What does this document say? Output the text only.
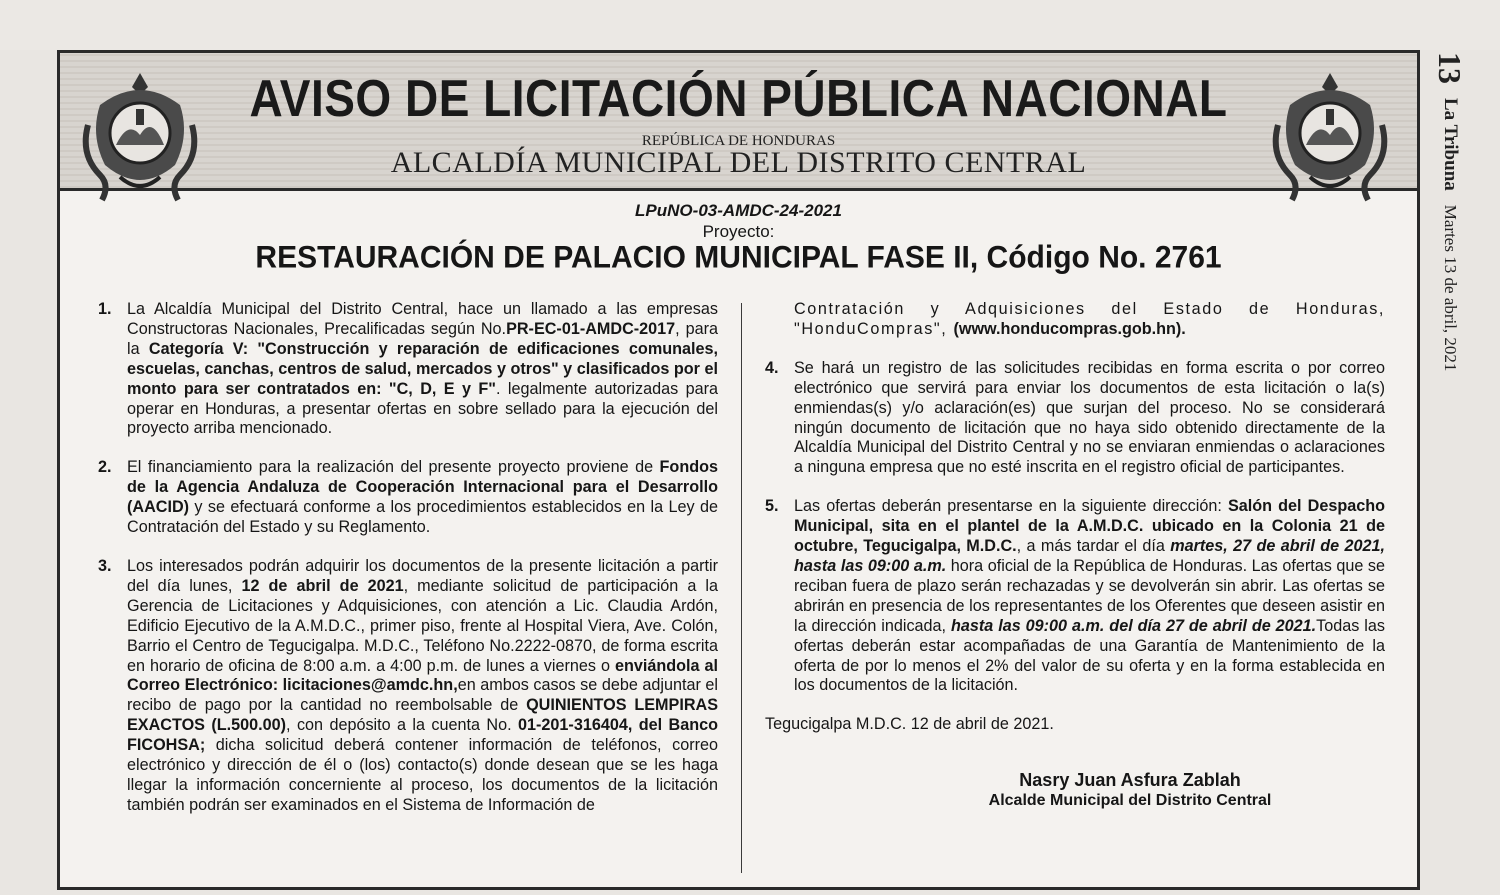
13
La Tribuna
Martes 13 de abril, 2021
AVISO DE LICITACIÓN PÚBLICA NACIONAL
REPÚBLICA DE HONDURAS
ALCALDÍA MUNICIPAL DEL DISTRITO CENTRAL
LPuNO-03-AMDC-24-2021
Proyecto:
RESTAURACIÓN DE PALACIO MUNICIPAL FASE II, Código No. 2761
1. La Alcaldía Municipal del Distrito Central, hace un llamado a las empresas Constructoras Nacionales, Precalificadas según No.PR-EC-01-AMDC-2017, para la Categoría V: "Construcción y reparación de edificaciones comunales, escuelas, canchas, centros de salud, mercados y otros" y clasificados por el monto para ser contratados en: "C, D, E y F". legalmente autorizadas para operar en Honduras, a presentar ofertas en sobre sellado para la ejecución del proyecto arriba mencionado.
2. El financiamiento para la realización del presente proyecto proviene de Fondos de la Agencia Andaluza de Cooperación Internacional para el Desarrollo (AACID) y se efectuará conforme a los procedimientos establecidos en la Ley de Contratación del Estado y su Reglamento.
3. Los interesados podrán adquirir los documentos de la presente licitación a partir del día lunes, 12 de abril de 2021, mediante solicitud de participación a la Gerencia de Licitaciones y Adquisiciones, con atención a Lic. Claudia Ardón, Edificio Ejecutivo de la A.M.D.C., primer piso, frente al Hospital Viera, Ave. Colón, Barrio el Centro de Tegucigalpa. M.D.C., Teléfono No.2222-0870, de forma escrita en horario de oficina de 8:00 a.m. a 4:00 p.m. de lunes a viernes o enviándola al Correo Electrónico: licitaciones@amdc.hn,en ambos casos se debe adjuntar el recibo de pago por la cantidad no reembolsable de QUINIENTOS LEMPIRAS EXACTOS (L.500.00), con depósito a la cuenta No. 01-201-316404, del Banco FICOHSA; dicha solicitud deberá contener información de teléfonos, correo electrónico y dirección de él o (los) contacto(s) donde desean que se les haga llegar la información concerniente al proceso, los documentos de la licitación también podrán ser examinados en el Sistema de Información de
Contratación y Adquisiciones del Estado de Honduras, "HonduCompras", (www.honducompras.gob.hn).
4. Se hará un registro de las solicitudes recibidas en forma escrita o por correo electrónico que servirá para enviar los documentos de esta licitación o la(s) enmiendas(s) y/o aclaración(es) que surjan del proceso. No se considerará ningún documento de licitación que no haya sido obtenido directamente de la Alcaldía Municipal del Distrito Central y no se enviaran enmiendas o aclaraciones a ninguna empresa que no esté inscrita en el registro oficial de participantes.
5. Las ofertas deberán presentarse en la siguiente dirección: Salón del Despacho Municipal, sita en el plantel de la A.M.D.C. ubicado en la Colonia 21 de octubre, Tegucigalpa, M.D.C., a más tardar el día martes, 27 de abril de 2021, hasta las 09:00 a.m. hora oficial de la República de Honduras. Las ofertas que se reciban fuera de plazo serán rechazadas y se devolverán sin abrir. Las ofertas se abrirán en presencia de los representantes de los Oferentes que deseen asistir en la dirección indicada, hasta las 09:00 a.m. del día 27 de abril de 2021.Todas las ofertas deberán estar acompañadas de una Garantía de Mantenimiento de la oferta de por lo menos el 2% del valor de su oferta y en la forma establecida en los documentos de la licitación.
Tegucigalpa M.D.C. 12 de abril de 2021.
Nasry Juan Asfura Zablah
Alcalde Municipal del Distrito Central
